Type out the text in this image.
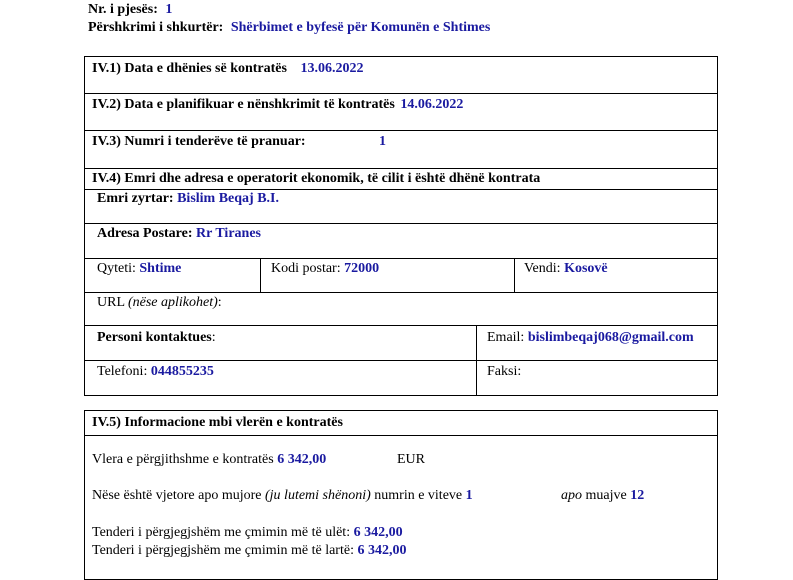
Nr. i pjesës: 1
Përshkrimi i shkurtër: Shërbimet e byfesë për Komunën e Shtimes
IV.1) Data e dhënies së kontratës 13.06.2022
IV.2) Data e planifikuar e nënshkrimit të kontratës 14.06.2022
IV.3) Numri i tenderëve të pranuar:	1
IV.4) Emri dhe adresa e operatorit ekonomik, të cilit i është dhënë kontrata
Emri zyrtar: Bislim Beqaj B.I.
Adresa Postare: Rr Tiranes
Qyteti: Shtime	Kodi postar: 72000	Vendi: Kosovë
URL (nëse aplikohet):
Personi kontaktues:	Email: bislimbeqaj068@gmail.com
Telefoni: 044855235	Faksi:
IV.5) Informacione mbi vlerën e kontratës
Vlera e përgjithshme e kontratës 6 342,00	EUR
Nëse është vjetore apo mujore (ju lutemi shënoni) numrin e viteve 1	apo muajve 12
Tenderi i përgjegjshëm me çmimin më të ulët: 6 342,00
Tenderi i përgjegjshëm me çmimin më të lartë: 6 342,00
